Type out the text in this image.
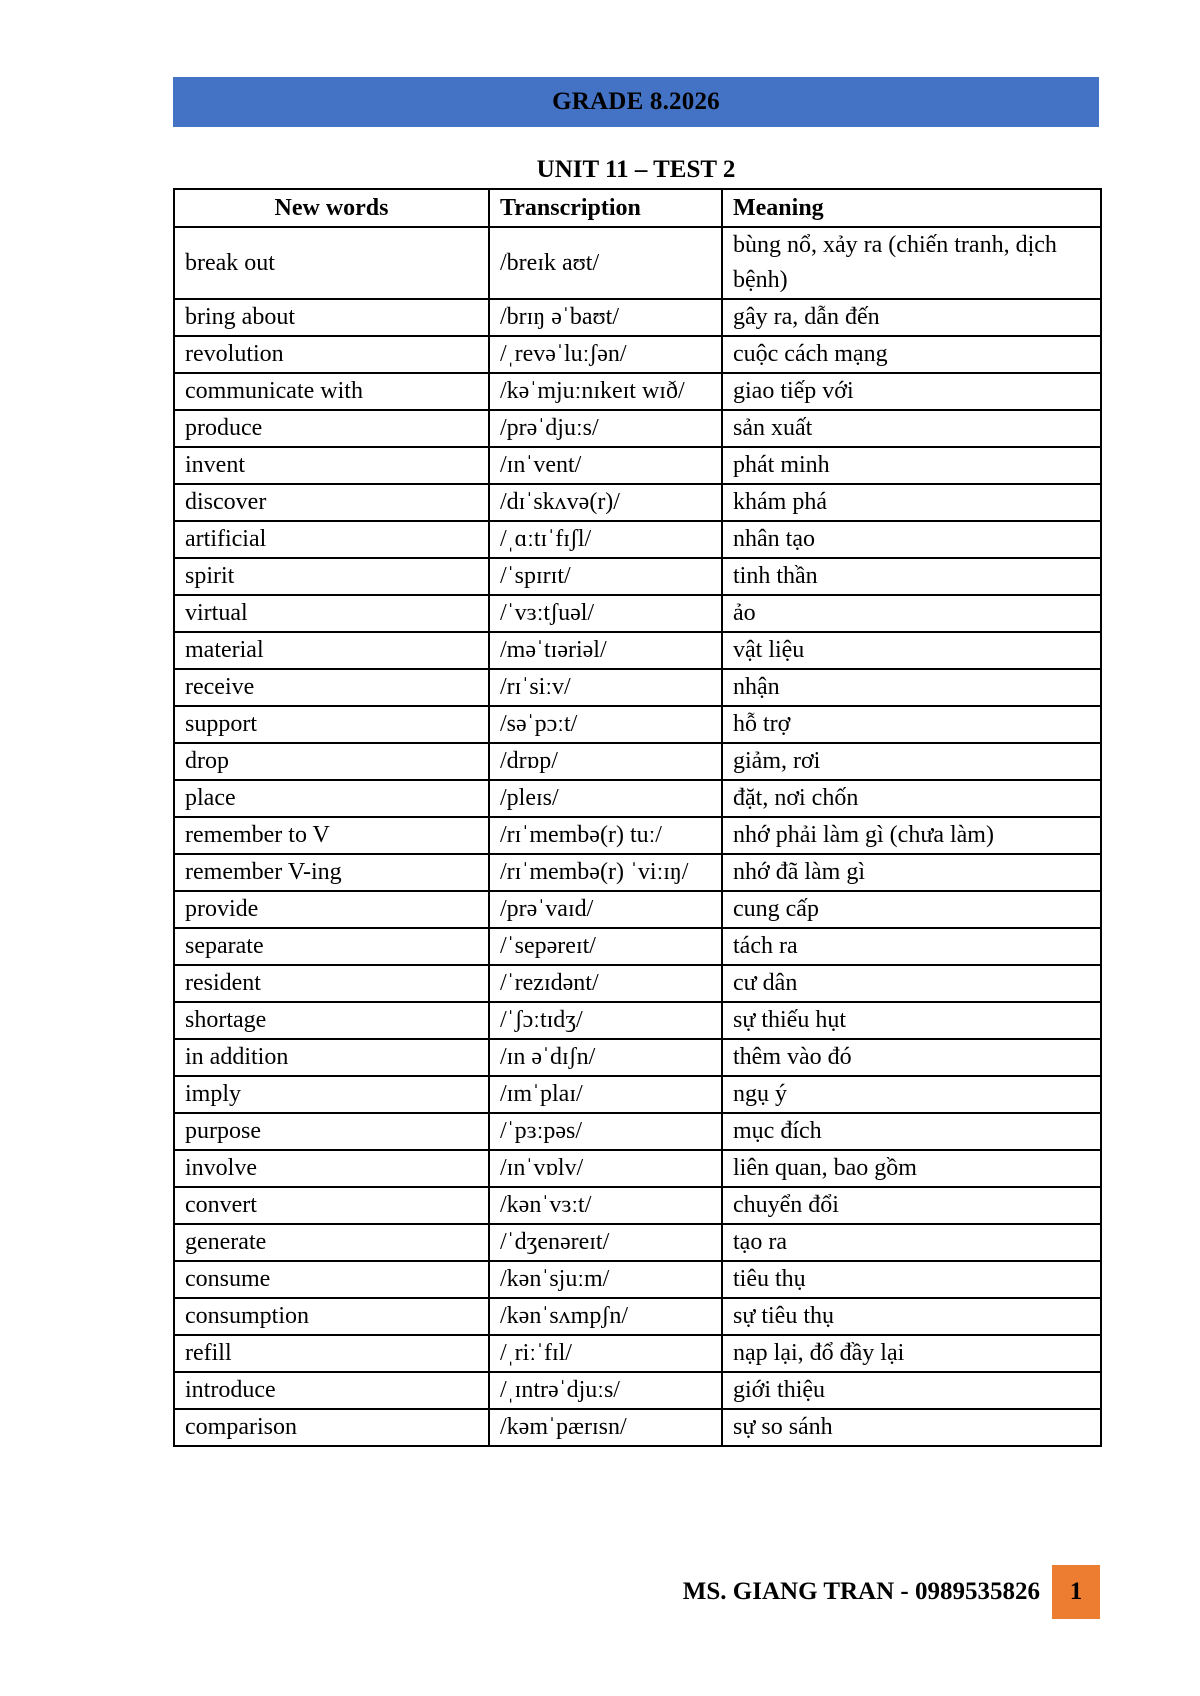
GRADE 8.2026
UNIT 11 – TEST 2
New words	Transcription	Meaning
break out	/breɪk aʊt/	bùng nổ, xảy ra (chiến tranh, dịch bệnh)
bring about	/brɪŋ əˈbaʊt/	gây ra, dẫn đến
revolution	/ˌrevəˈluːʃən/	cuộc cách mạng
communicate with	/kəˈmjuːnɪkeɪt wɪð/	giao tiếp với
produce	/prəˈdjuːs/	sản xuất
invent	/ɪnˈvent/	phát minh
discover	/dɪˈskʌvə(r)/	khám phá
artificial	/ˌɑːtɪˈfɪʃl/	nhân tạo
spirit	/ˈspɪrɪt/	tinh thần
virtual	/ˈvɜːtʃuəl/	ảo
material	/məˈtɪəriəl/	vật liệu
receive	/rɪˈsiːv/	nhận
support	/səˈpɔːt/	hỗ trợ
drop	/drɒp/	giảm, rơi
place	/pleɪs/	đặt, nơi chốn
remember to V	/rɪˈmembə(r) tuː/	nhớ phải làm gì (chưa làm)
remember V-ing	/rɪˈmembə(r) ˈviːɪŋ/	nhớ đã làm gì
provide	/prəˈvaɪd/	cung cấp
separate	/ˈsepəreɪt/	tách ra
resident	/ˈrezɪdənt/	cư dân
shortage	/ˈʃɔːtɪdʒ/	sự thiếu hụt
in addition	/ɪn əˈdɪʃn/	thêm vào đó
imply	/ɪmˈplaɪ/	ngụ ý
purpose	/ˈpɜːpəs/	mục đích
involve	/ɪnˈvɒlv/	liên quan, bao gồm
convert	/kənˈvɜːt/	chuyển đổi
generate	/ˈdʒenəreɪt/	tạo ra
consume	/kənˈsjuːm/	tiêu thụ
consumption	/kənˈsʌmpʃn/	sự tiêu thụ
refill	/ˌriːˈfɪl/	nạp lại, đổ đầy lại
introduce	/ˌɪntrəˈdjuːs/	giới thiệu
comparison	/kəmˈpærɪsn/	sự so sánh
MS. GIANG TRAN - 0989535826 1
